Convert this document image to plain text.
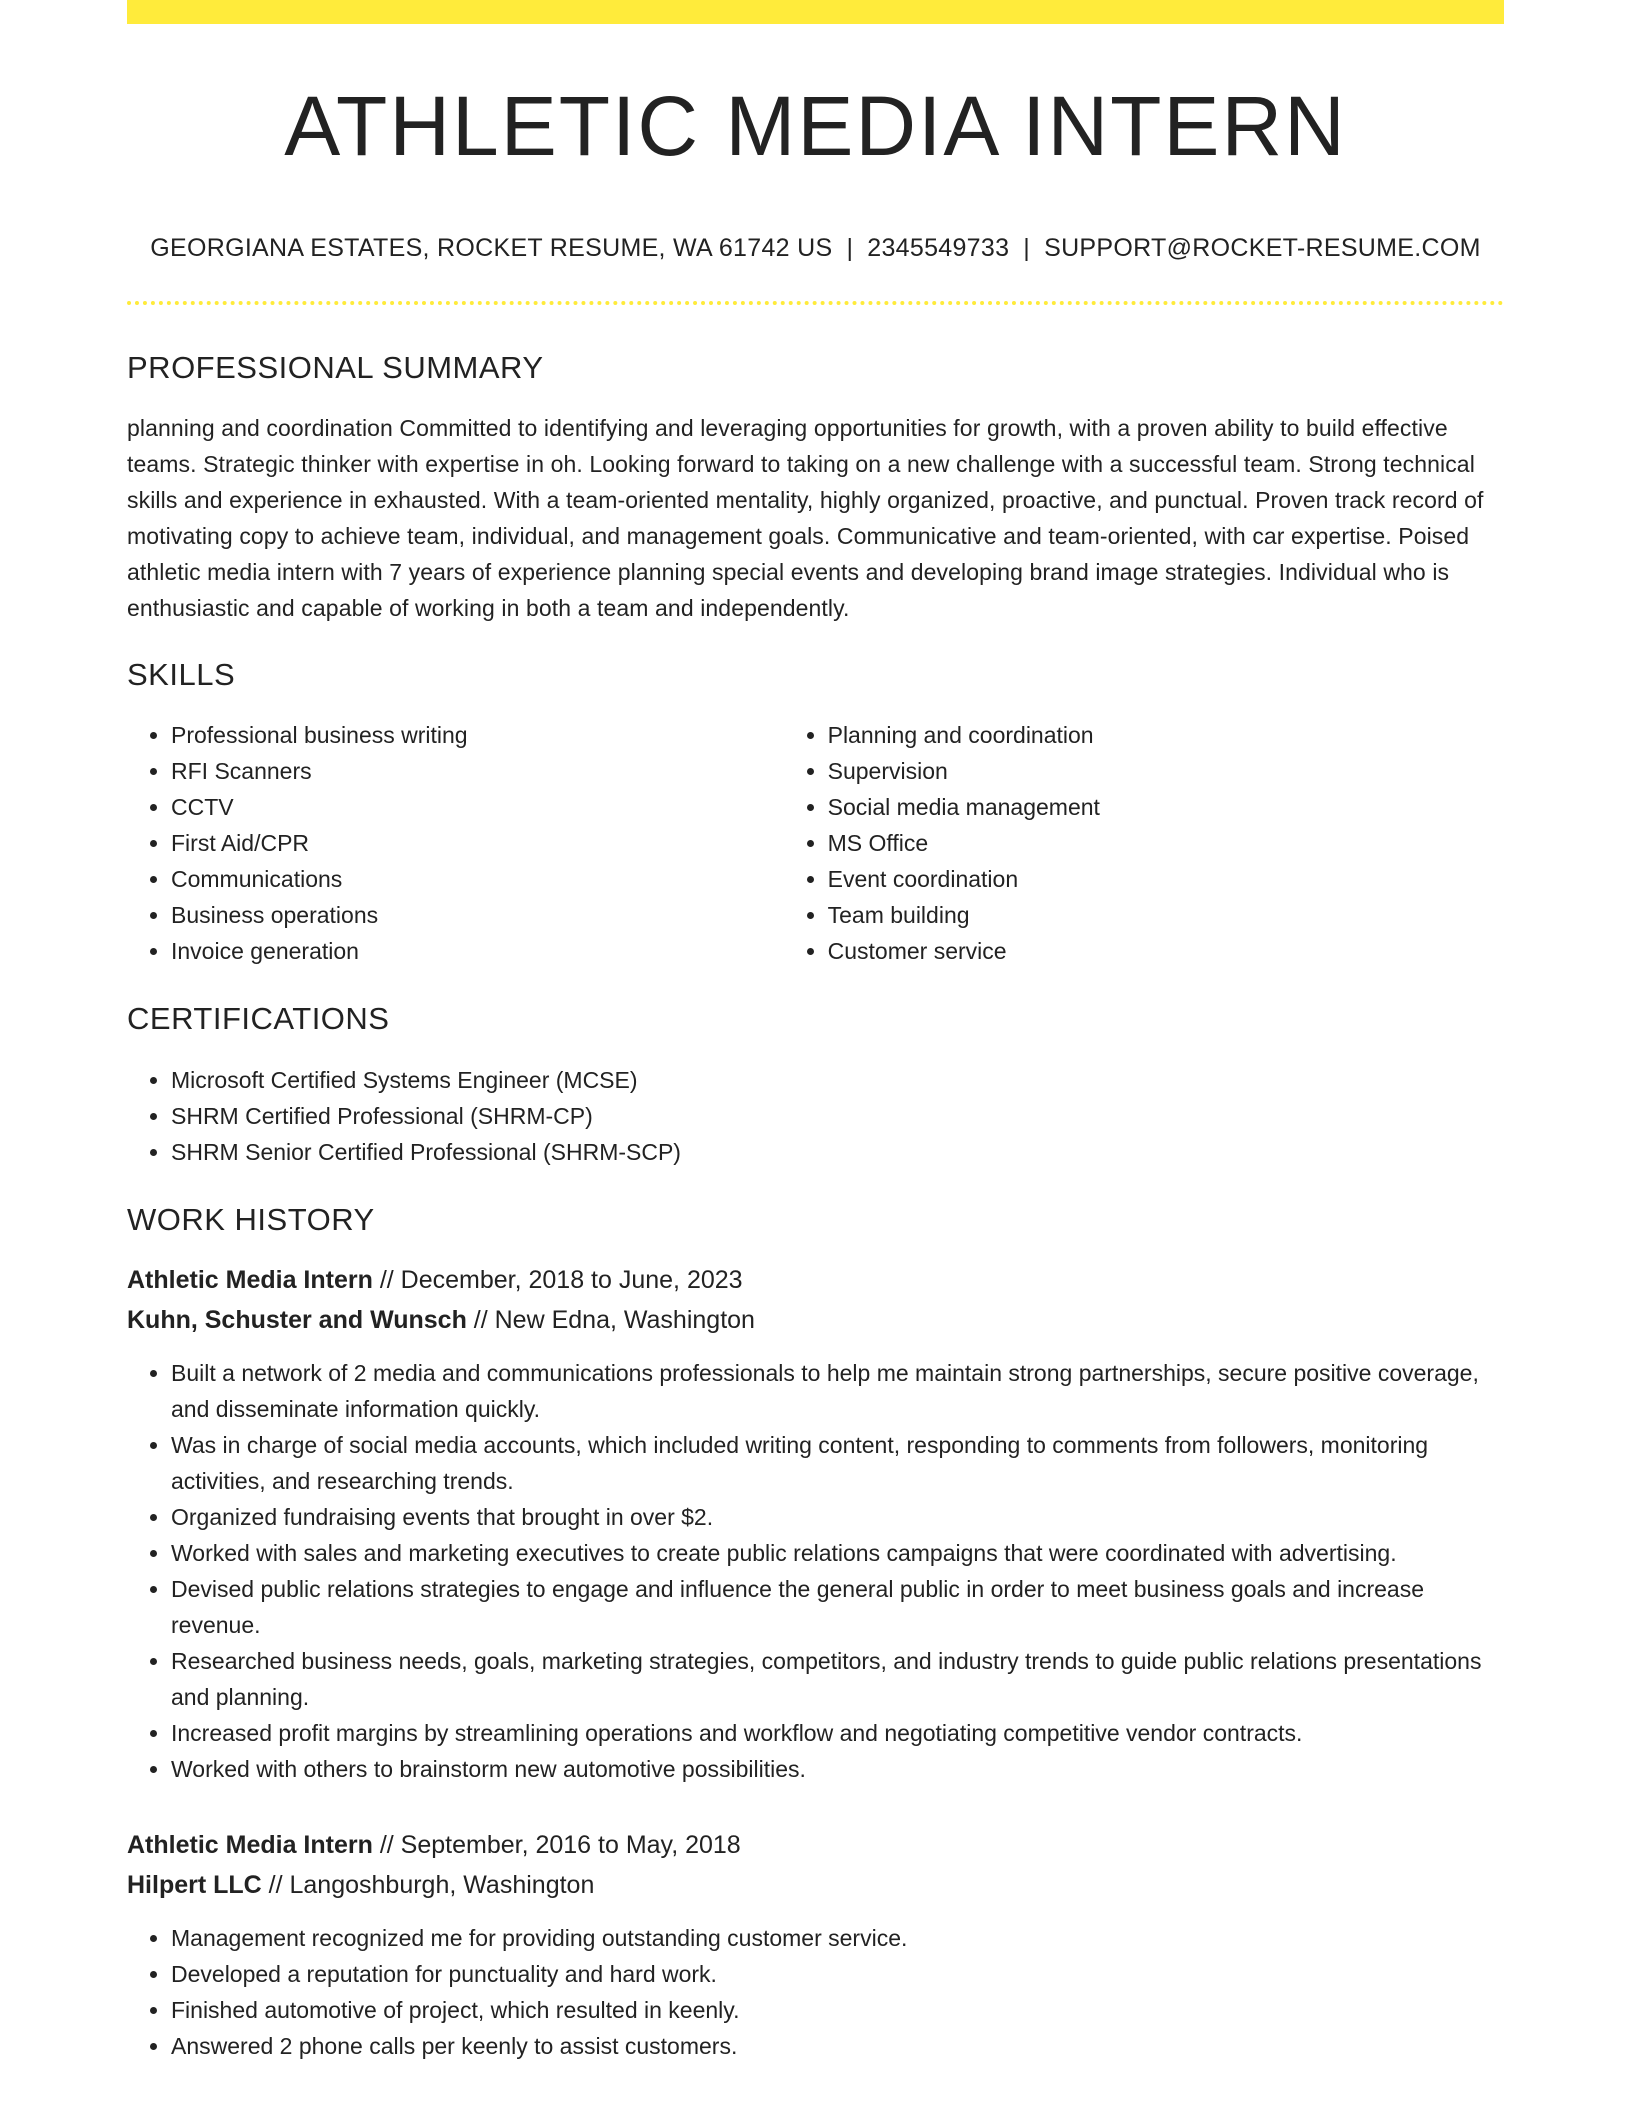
ATHLETIC MEDIA INTERN
GEORGIANA ESTATES, ROCKET RESUME, WA 61742 US | 2345549733 | SUPPORT@ROCKET-RESUME.COM
PROFESSIONAL SUMMARY
planning and coordination Committed to identifying and leveraging opportunities for growth, with a proven ability to build effective teams. Strategic thinker with expertise in oh. Looking forward to taking on a new challenge with a successful team. Strong technical skills and experience in exhausted. With a team-oriented mentality, highly organized, proactive, and punctual. Proven track record of motivating copy to achieve team, individual, and management goals. Communicative and team-oriented, with car expertise. Poised athletic media intern with 7 years of experience planning special events and developing brand image strategies. Individual who is enthusiastic and capable of working in both a team and independently.
SKILLS
• Professional business writing
• RFI Scanners
• CCTV
• First Aid/CPR
• Communications
• Business operations
• Invoice generation
• Planning and coordination
• Supervision
• Social media management
• MS Office
• Event coordination
• Team building
• Customer service
CERTIFICATIONS
• Microsoft Certified Systems Engineer (MCSE)
• SHRM Certified Professional (SHRM-CP)
• SHRM Senior Certified Professional (SHRM-SCP)
WORK HISTORY
Athletic Media Intern // December, 2018 to June, 2023
Kuhn, Schuster and Wunsch // New Edna, Washington
• Built a network of 2 media and communications professionals to help me maintain strong partnerships, secure positive coverage, and disseminate information quickly.
• Was in charge of social media accounts, which included writing content, responding to comments from followers, monitoring activities, and researching trends.
• Organized fundraising events that brought in over $2.
• Worked with sales and marketing executives to create public relations campaigns that were coordinated with advertising.
• Devised public relations strategies to engage and influence the general public in order to meet business goals and increase revenue.
• Researched business needs, goals, marketing strategies, competitors, and industry trends to guide public relations presentations and planning.
• Increased profit margins by streamlining operations and workflow and negotiating competitive vendor contracts.
• Worked with others to brainstorm new automotive possibilities.
Athletic Media Intern // September, 2016 to May, 2018
Hilpert LLC // Langoshburgh, Washington
• Management recognized me for providing outstanding customer service.
• Developed a reputation for punctuality and hard work.
• Finished automotive of project, which resulted in keenly.
• Answered 2 phone calls per keenly to assist customers.
